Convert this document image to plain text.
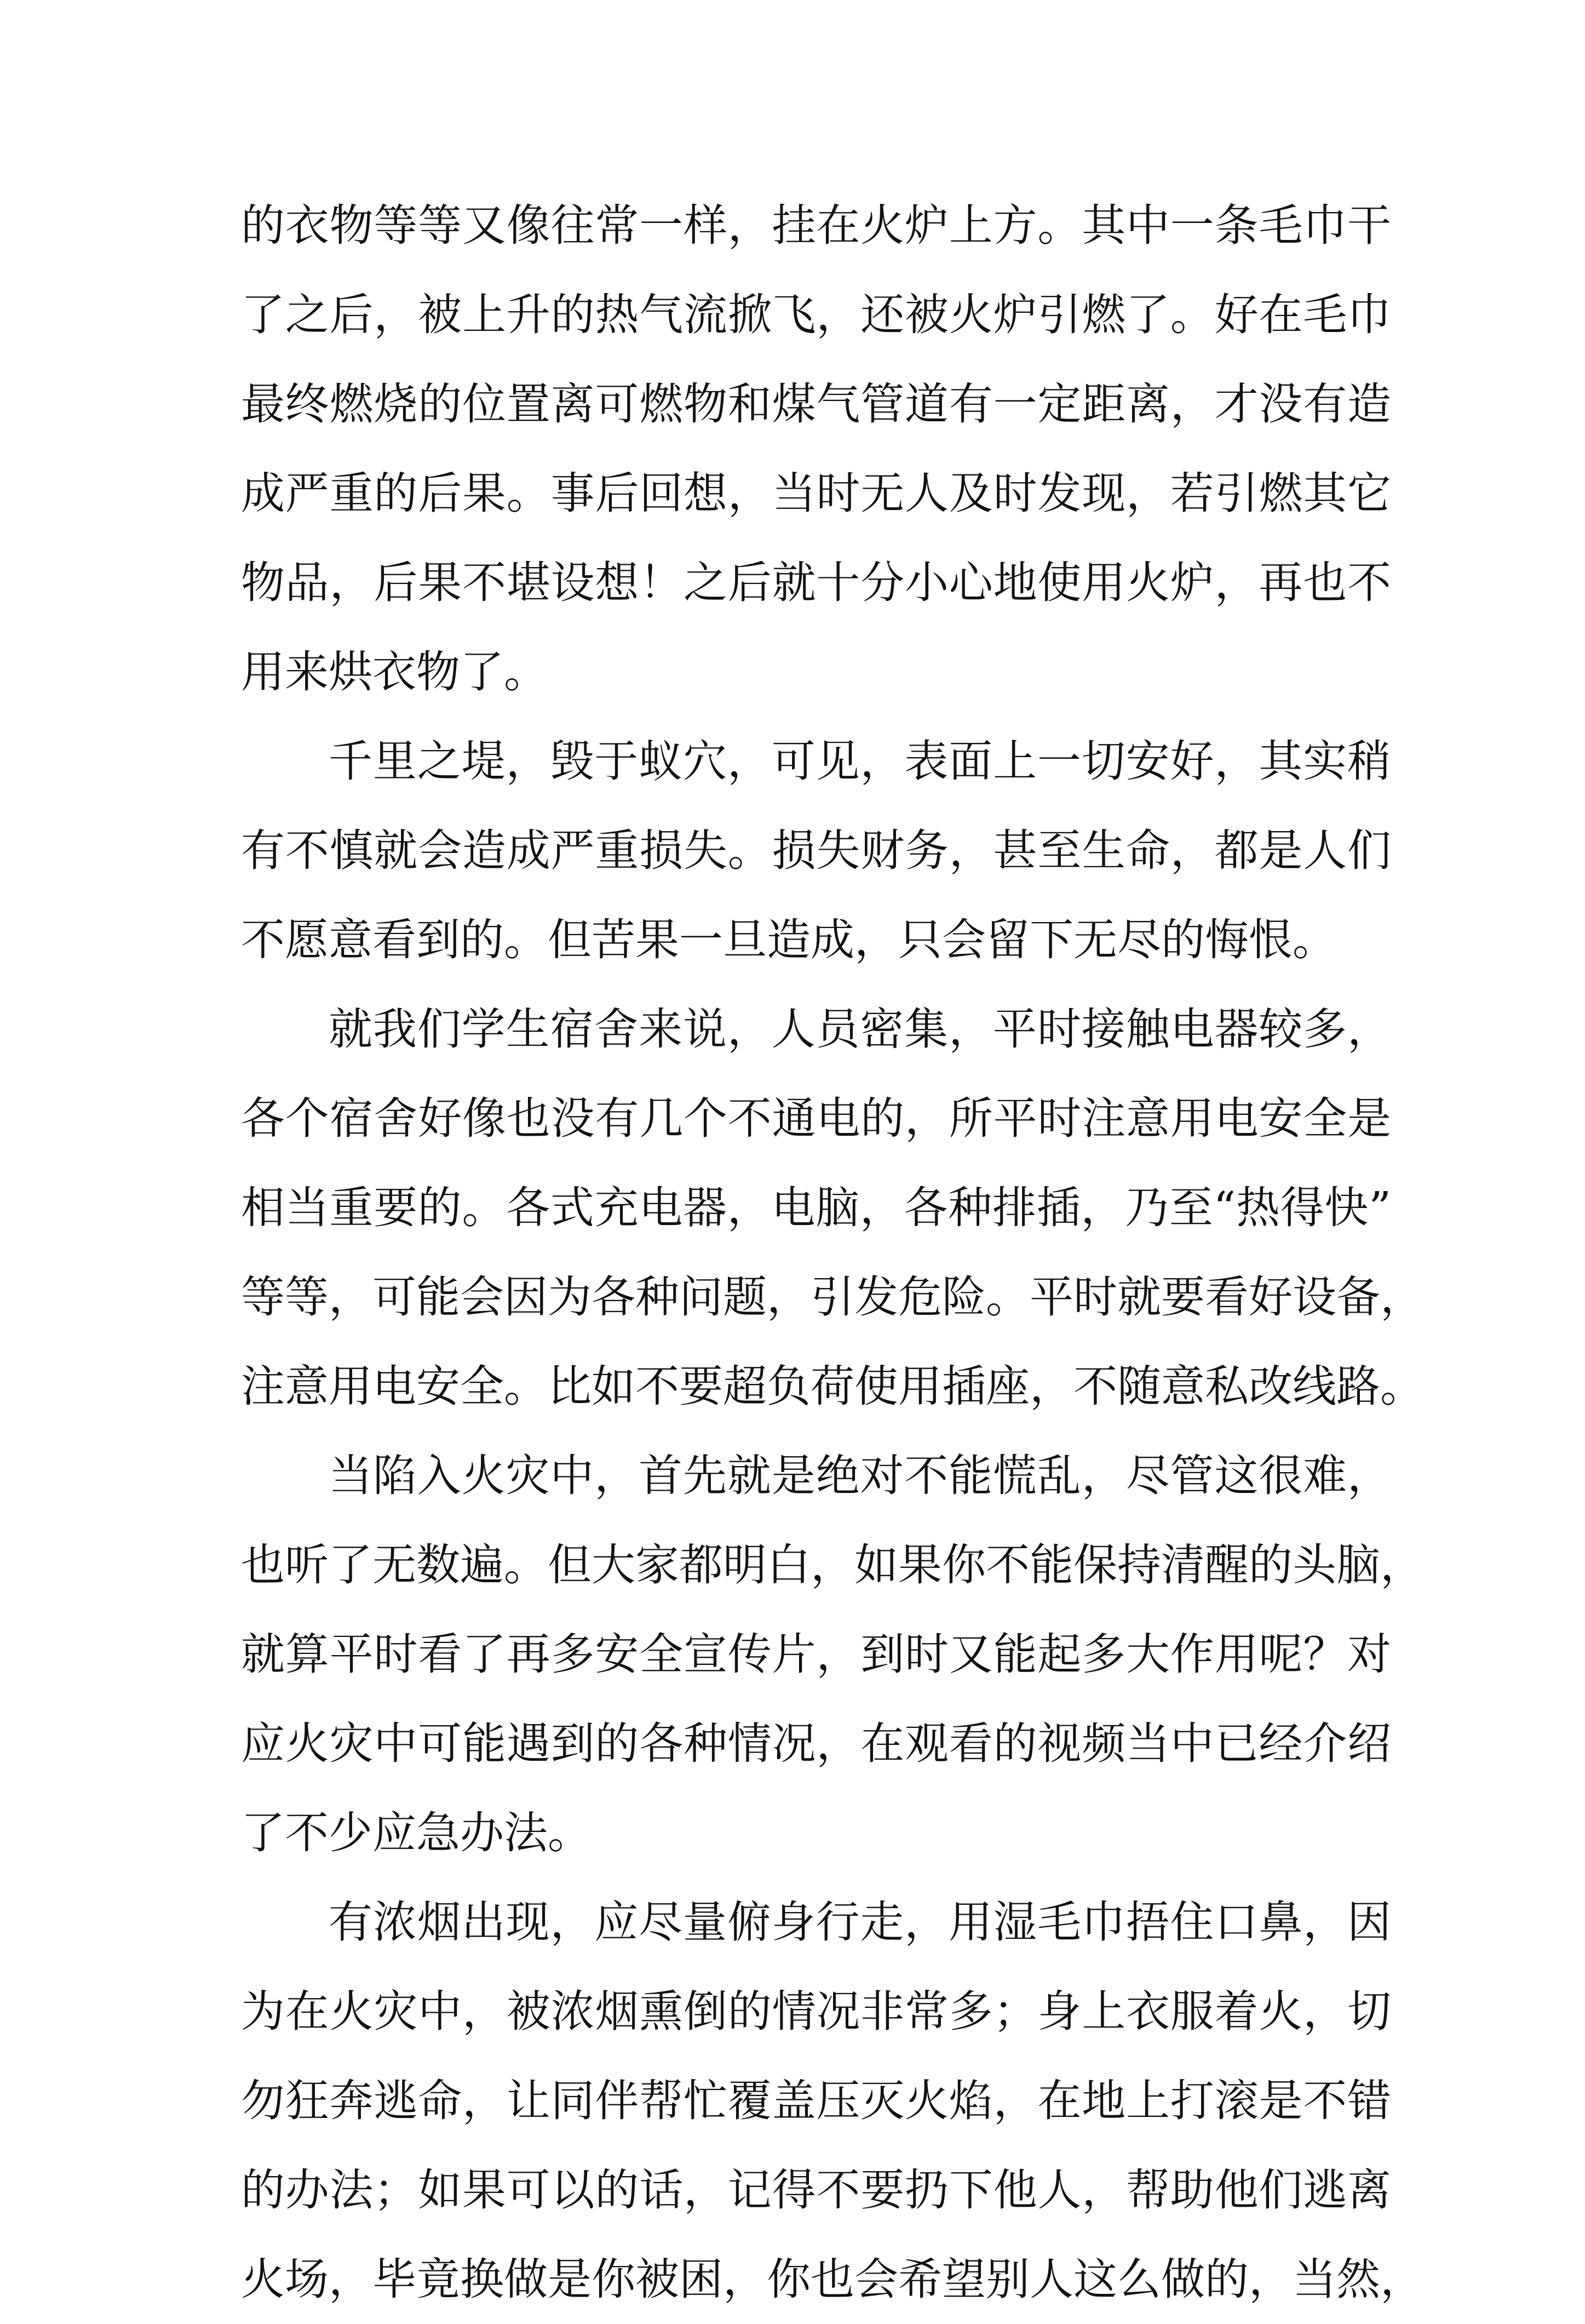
的衣物等等又像往常一样，挂在火炉上方。其中一条毛巾干
了之后，被上升的热气流掀飞，还被火炉引燃了。好在毛巾
最终燃烧的位置离可燃物和煤气管道有一定距离，才没有造
成严重的后果。事后回想，当时无人及时发现，若引燃其它
物品，后果不堪设想！之后就十分小心地使用火炉，再也不
用来烘衣物了。
千里之堤，毁于蚁穴，可见，表面上一切安好，其实稍
有不慎就会造成严重损失。损失财务，甚至生命，都是人们
不愿意看到的。但苦果一旦造成，只会留下无尽的悔恨。
就我们学生宿舍来说，人员密集，平时接触电器较多，
各个宿舍好像也没有几个不通电的，所平时注意用电安全是
相当重要的。各式充电器，电脑，各种排插，乃至“热得快”
等等，可能会因为各种问题，引发危险。平时就要看好设备，
注意用电安全。比如不要超负荷使用插座，不随意私改线路。
当陷入火灾中，首先就是绝对不能慌乱，尽管这很难，
也听了无数遍。但大家都明白，如果你不能保持清醒的头脑，
就算平时看了再多安全宣传片，到时又能起多大作用呢？对
应火灾中可能遇到的各种情况，在观看的视频当中已经介绍
了不少应急办法。
有浓烟出现，应尽量俯身行走，用湿毛巾捂住口鼻，因
为在火灾中，被浓烟熏倒的情况非常多；身上衣服着火，切
勿狂奔逃命，让同伴帮忙覆盖压灭火焰，在地上打滚是不错
的办法；如果可以的话，记得不要扔下他人，帮助他们逃离
火场，毕竟换做是你被困，你也会希望别人这么做的，当然，
